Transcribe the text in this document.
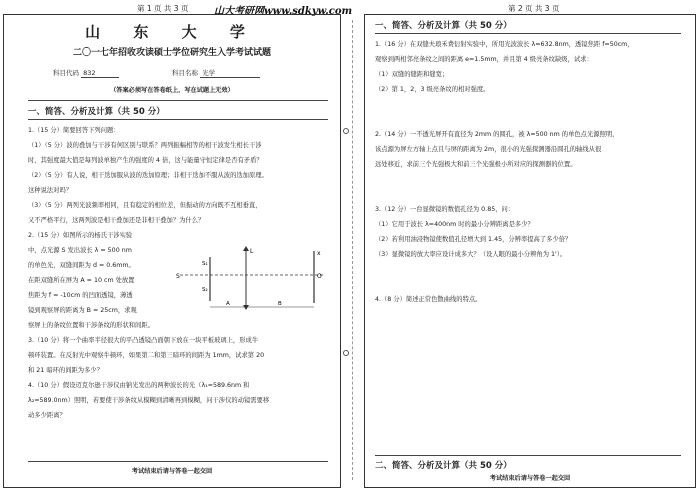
第 1 页 共 3 页	山大考研网www.sdkyw.com	第 2 页 共 3 页
山 东 大 学
二〇一七年招收攻读硕士学位研究生入学考试试题
科目代码 832	科目名称 光学
（答案必须写在答卷纸上，写在试题上无效）
一、简答、分析及计算（共 50 分）
1.（15 分）简要回答下列问题：
（1）（5 分）波的叠加与干涉有何区别与联系？两列振幅相等的相干波发生相长干涉
时，其强度最大值是每列波单独产生的强度的 4 倍，这与能量守恒定律是否有矛盾？
（2）（5 分）有人说，相干迭加服从波的迭加原理；非相干迭加不服从波的迭加原理。
这种说法对吗？
（3）（5 分）两列光波频率相同，且有稳定的相位差，但振动的方向既不互相垂直，
又不严格平行，这两列波是相干叠加还是非相干叠加？为什么？
2.（15 分）如图所示的杨氏干涉实验
中，点光源 S 发出波长 λ = 500 nm
的单色光，双缝间距为 d = 0.6mm。
在距双缝所在屏为 A = 10 cm 处放置
焦距为 f = -10cm 的凹面透镜，薄透
镜到观察屏的距离为 B = 25cm，求观
察屏上的条纹位置和干涉条纹的形状和间距。
3.（10 分）将一个曲率半径很大的平凸透镜凸面朝下放在一块平板玻璃上，形成牛
顿环装置。在反射光中观察牛顿环，如果第二和第三暗环的间距为 1mm，试求第 20
和 21 暗环的间距为多少？
4.（10 分）假设迈克尔逊干涉仪由钠光发出的两种波长的光（λ₁=589.6nm 和
λ₂=589.0nm）照明，若要使干涉条纹从模糊到清晰再到模糊，问干涉仪的动镜需要移
动多少距离？
S
S₁
S₂
L
A	B
O
x
考试结束后请与答卷一起交回
一、简答、分析及计算（共 50 分）
1.（16 分）在双缝夫琅禾费衍射实验中，所用光波波长 λ=632.8nm，透镜焦距 f=50cm，
观察到两相邻亮条纹之间的距离 e=1.5mm，并且第 4 级亮条纹缺级，试求：
（1）双缝的缝距和缝宽；
（2）第 1，2，3 级亮条纹的相对强度。
2.（14 分）一不透光屏开有直径为 2mm 的圆孔，被 λ=500 nm 的单色点光源照明，
该点源为屏左方轴上点且与屏的距离为 2m，很小的光强探测器沿圆孔的轴线从很
远处移近，求前三个光强极大和前三个光强极小所对应的探测器的位置。
3.（12 分）一台显微镜的数值孔径为 0.85，问：
（1）它用于波长 λ=400nm 时的最小分辨距离是多少？
（2）若利用油浸物镜使数值孔径增大到 1.45，分辨率提高了多少倍？
（3）显微镜的放大率应设计成多大？（设人眼的最小分辨角为 1'）。
4.（8 分）简述正常色散曲线的特点。
二、简答、分析及计算（共 50 分）
考试结束后请与答卷一起交回
